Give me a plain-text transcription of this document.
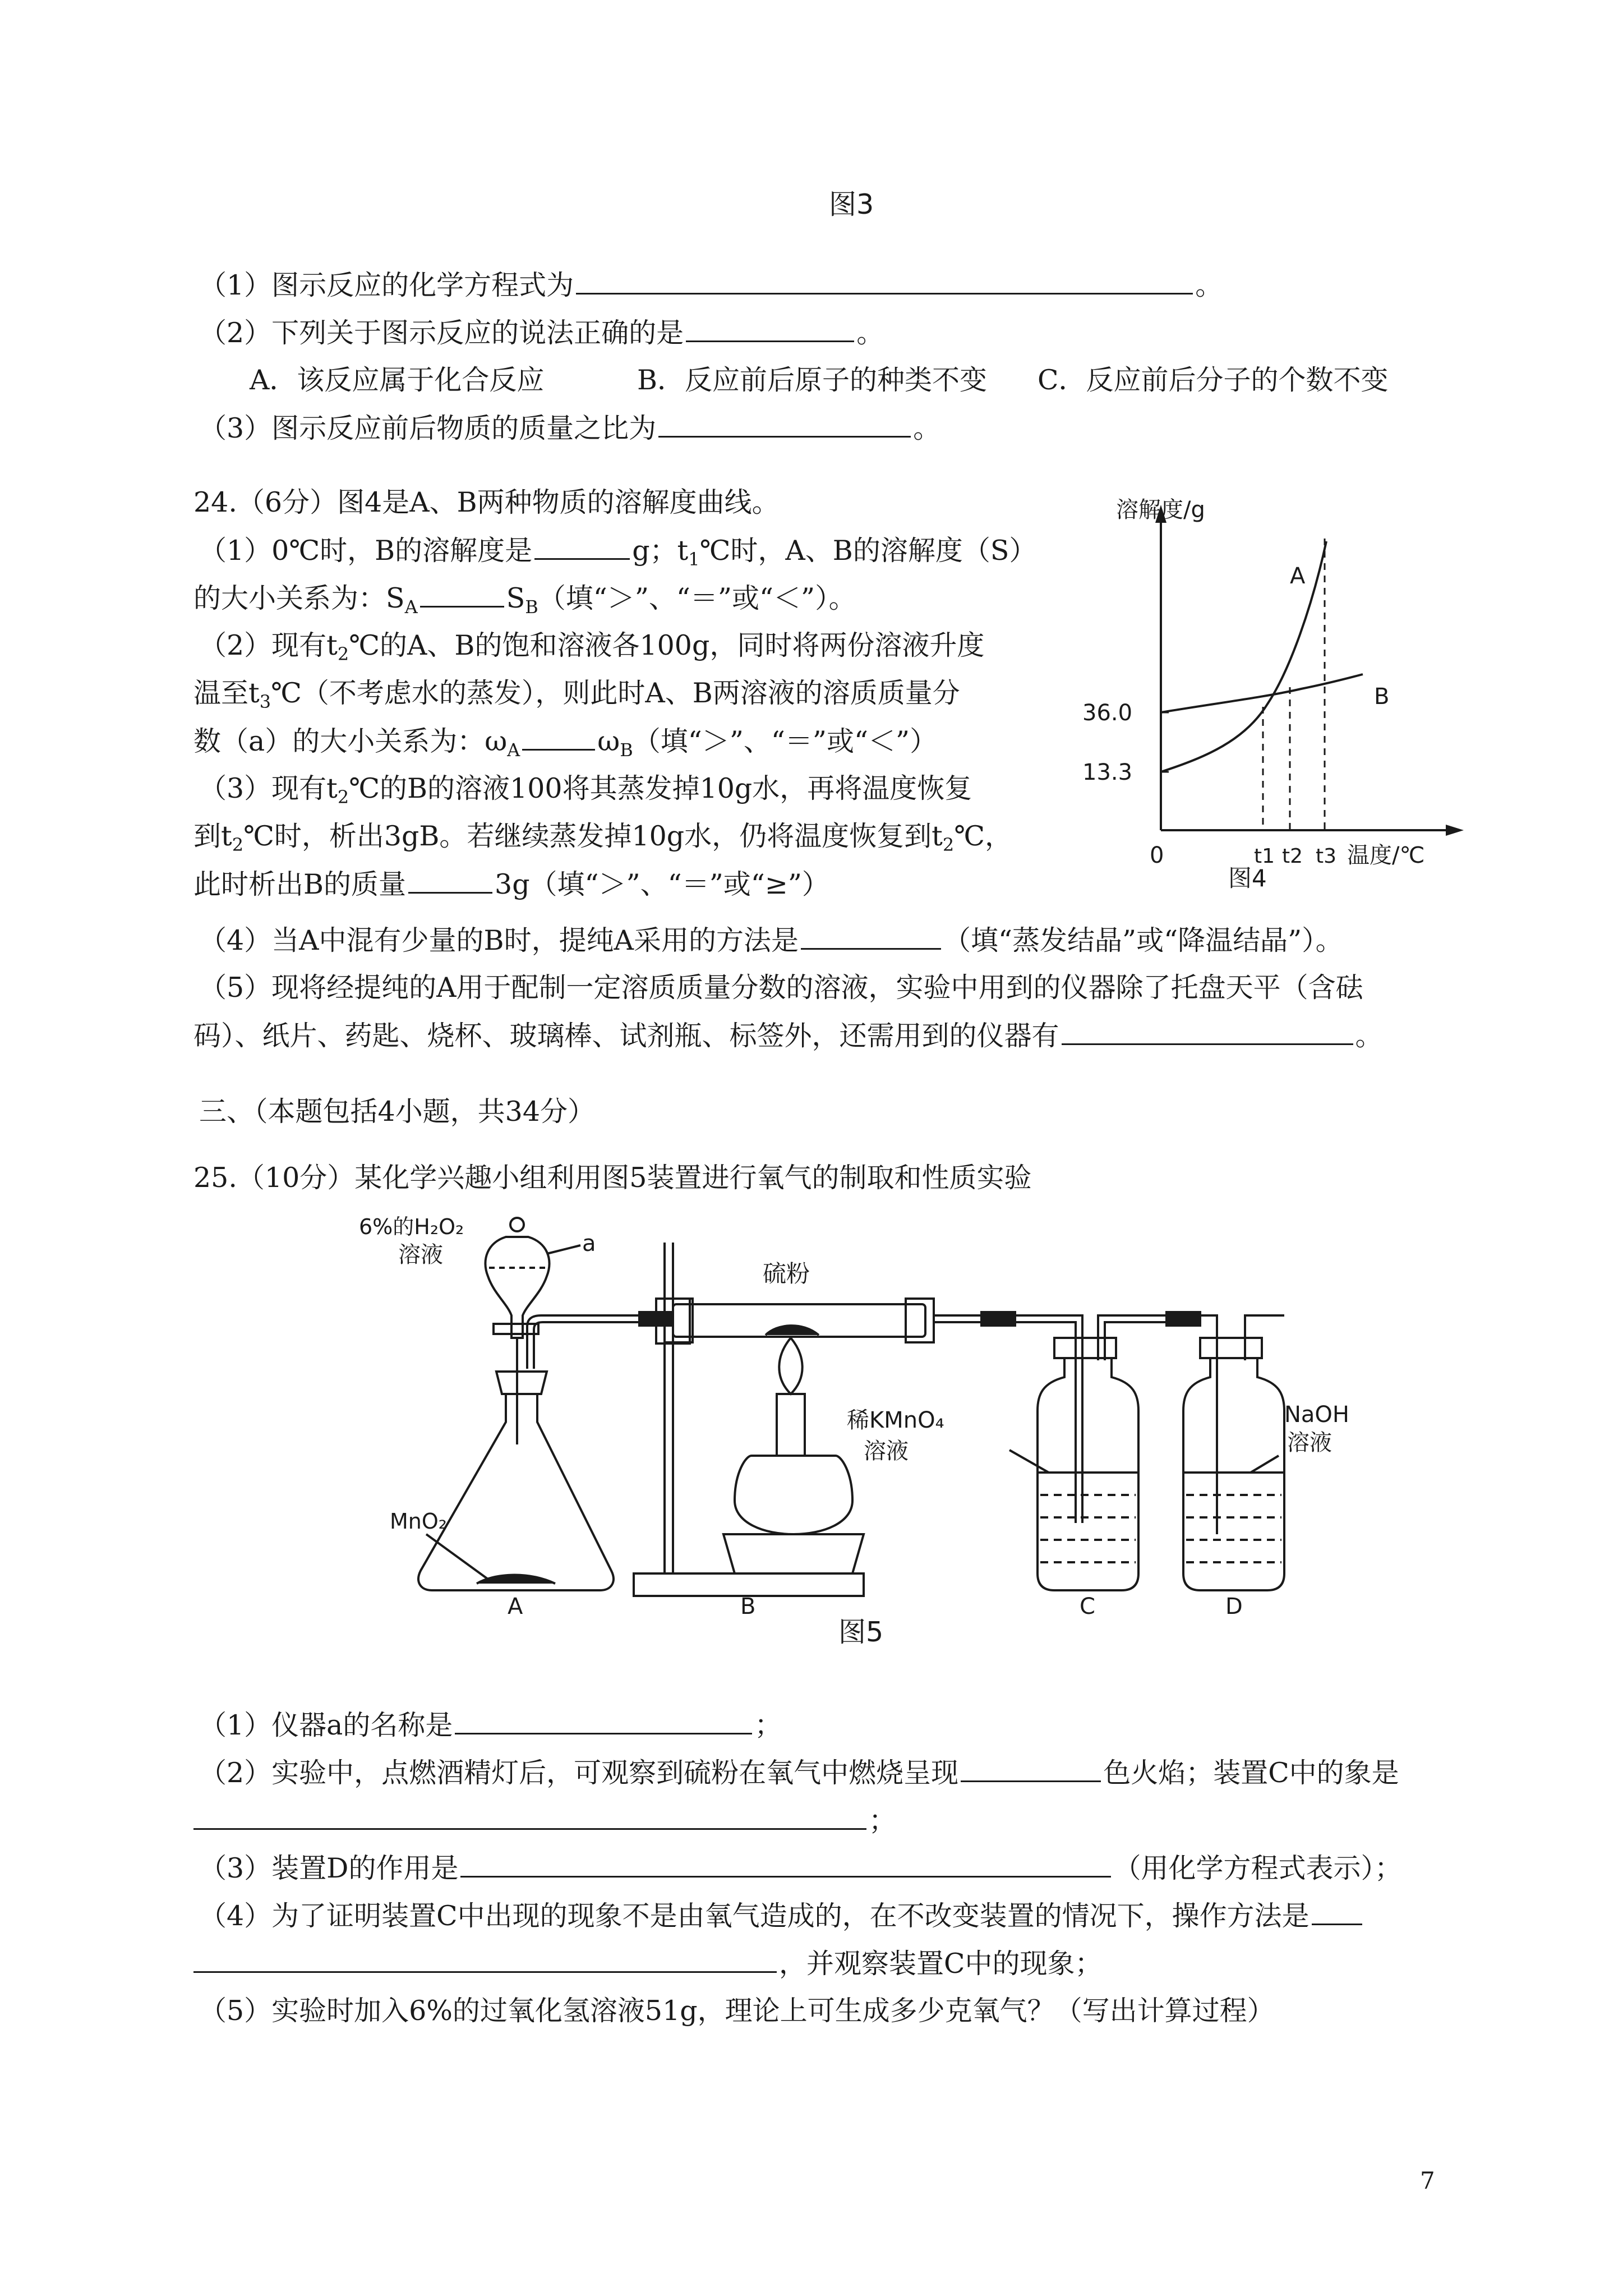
图3
（1）图示反应的化学方程式为	。
（2）下列关于图示反应的说法正确的是	。
A．该反应属于化合反应	B．反应前后原子的种类不变 C．反应前后分子的个数不变
（3）图示反应前后物质的质量之比为	。
24.（6分）图4是A、B两种物质的溶解度曲线。
（1）0℃时，B的溶解度是	g；$t_1℃$时，A、B的溶解度（S）
的大小关系为：$S_A$	$S_B$（填“＞”、“＝”或“＜”）。
（2）现有$t_2℃$的A、B的饱和溶液各100g，同时将两份溶液升度
温至$t_3℃$（不考虑水的蒸发），则此时A、B两溶液的溶质质量分
数（a）的大小关系为：$\omega_A$	$\omega_B$（填“＞”、“＝”或“＜”）
（3）现有$t_2℃$的B的溶液100将其蒸发掉10g水，再将温度恢复
到$t_2℃$时，析出3gB。若继续蒸发掉10g水，仍将温度恢复到$t_2℃$，
此时析出B的质量	3g（填“＞”、“＝”或“≥”）
（4）当A中混有少量的B时，提纯A采用的方法是	（填“蒸发结晶”或“降温结晶”）。
（5）现将经提纯的A用于配制一定溶质质量分数的溶液，实验中用到的仪器除了托盘天平（含砝
码）、纸片、药匙、烧杯、玻璃棒、试剂瓶、标签外，还需用到的仪器有	。
溶解度/g
36.0
13.3
0	t1 t2 t3 温度/℃
A
B
图4
三、（本题包括4小题，共34分）
25.（10分）某化学兴趣小组利用图5装置进行氧气的制取和性质实验
6%的H₂O₂
溶液	a
硫粉
稀KMnO₄
溶液
NaOH
溶液
MnO₂
A	B	C	D
图5
（1）仪器a的名称是	；
（2）实验中，点燃酒精灯后，可观察到硫粉在氧气中燃烧呈现	色火焰；装置C中的象是
；
（3）装置D的作用是	（用化学方程式表示）；
（4）为了证明装置C中出现的现象不是由氧气造成的，在不改变装置的情况下，操作方法是
，并观察装置C中的现象；
（5）实验时加入6%的过氧化氢溶液51g，理论上可生成多少克氧气？（写出计算过程）
7
